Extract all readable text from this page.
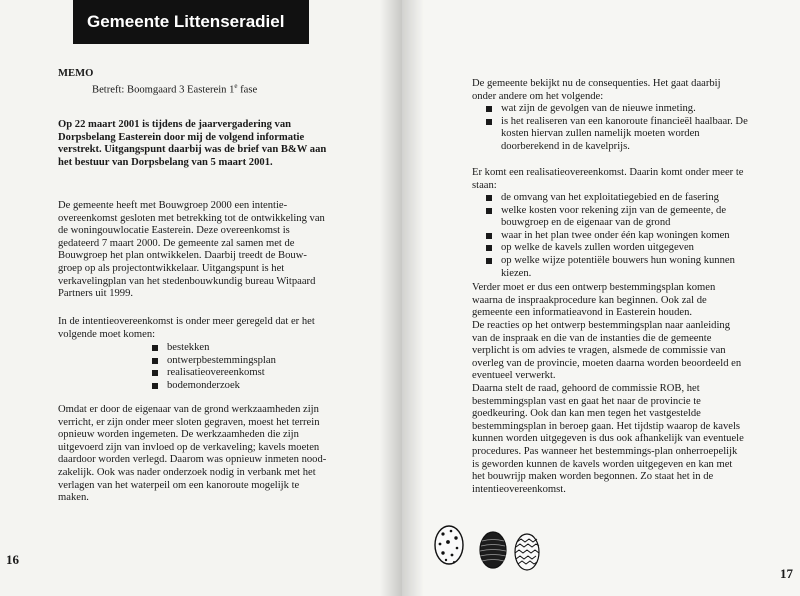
Gemeente Littenseradiel
MEMO
Betreft: Boomgaard 3 Easterein 1e fase
Op 22 maart 2001 is tijdens de jaarvergadering van Dorpsbelang Easterein door mij de volgend informatie verstrekt. Uitgangspunt daarbij was de brief van B&W aan het bestuur van Dorpsbelang van 5 maart 2001.
De gemeente heeft met Bouwgroep 2000 een intentie-overeenkomst gesloten met betrekking tot de ontwikkeling van de woningouwlocatie Easterein. Deze overeenkomst is gedateerd 7 maart 2000. De gemeente zal samen met de Bouwgroep het plan ontwikkelen. Daarbij treedt de Bouw-groep op als projectontwikkelaar. Uitgangspunt is het verkavelingplan van het stedenbouwkundig bureau Witpaard Partners uit 1999.
In de intentieovereenkomst is onder meer geregeld dat er het volgende moet komen:
bestekken
ontwerpbestemmingsplan
realisatieovereenkomst
bodemonderzoek
Omdat er door de eigenaar van de grond werkzaamheden zijn verricht, er zijn onder meer sloten gegraven, moest het terrein opnieuw worden ingemeten. De werkzaamheden die zijn uitgevoerd zijn van invloed op de verkaveling; kavels moeten daardoor worden verlegd. Daarom was opnieuw inmeten nood-zakelijk. Ook was nader onderzoek nodig in verbank met het verlagen van het waterpeil om een kanoroute mogelijk te maken.
16
De gemeente bekijkt nu de consequenties. Het gaat daarbij onder andere om het volgende:
wat zijn de gevolgen van de nieuwe inmeting.
is het realiseren van een kanoroute financieël haalbaar. De kosten hiervan zullen namelijk moeten worden doorberekend in de kavelprijs.
Er komt een realisatieovereenkomst. Daarin komt onder meer te staan:
de omvang van het exploitatiegebied en de fasering
welke kosten voor rekening zijn van de gemeente, de bouwgroep en de eigenaar van de grond
waar in het plan twee onder één kap woningen komen
op welke de kavels zullen worden uitgegeven
op welke wijze potentiële bouwers hun woning kunnen kiezen.
Verder moet er dus een ontwerp bestemmingsplan komen waarna de inspraakprocedure kan beginnen. Ook zal de gemeente een informatieavond in Easterein houden.
De reacties op het ontwerp bestemmingsplan naar aanleiding van de inspraak en die van de instanties die de gemeente verplicht is om advies te vragen, alsmede de commissie van overleg van de provincie, moeten daarna worden beoordeeld en eventueel verwerkt.
Daarna stelt de raad, gehoord de commissie ROB, het bestemmingsplan vast en gaat het naar de provincie te goedkeuring. Ook dan kan men tegen het vastgestelde bestemmingsplan in beroep gaan. Het tijdstip waarop de kavels kunnen worden uitgegeven is dus ook afhankelijk van eventuele procedures. Pas wanneer het bestemmings-plan onherroepelijk is geworden kunnen de kavels worden uitgegeven en kan met het bouwrijp maken worden begonnen. Zo staat het in de intentieovereenkomst.
17
